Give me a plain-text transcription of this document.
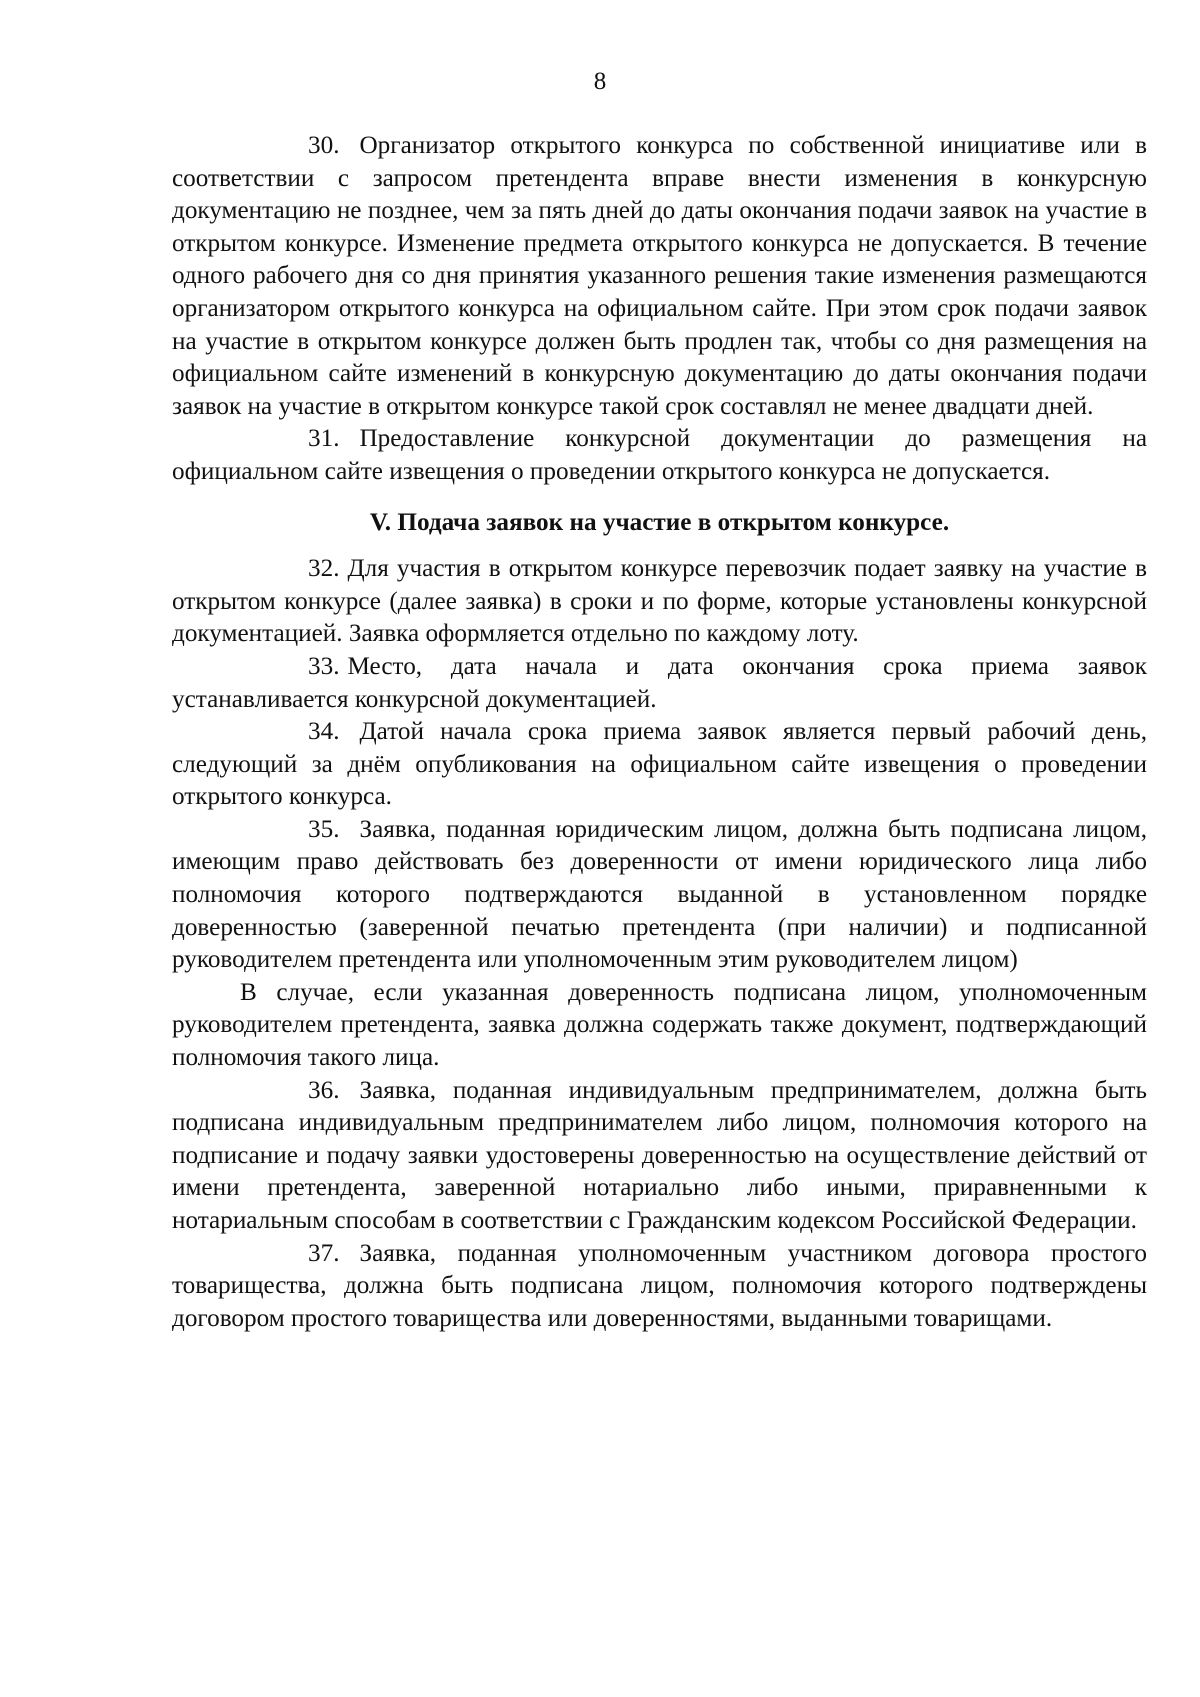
8

30. Организатор открытого конкурса по собственной инициативе или в соответствии с запросом претендента вправе внести изменения в конкурсную документацию не позднее, чем за пять дней до даты окончания подачи заявок на участие в открытом конкурсе. Изменение предмета открытого конкурса не допускается. В течение одного рабочего дня со дня принятия указанного решения такие изменения размещаются организатором открытого конкурса на официальном сайте. При этом срок подачи заявок на участие в открытом конкурсе должен быть продлен так, чтобы со дня размещения на официальном сайте изменений в конкурсную документацию до даты окончания подачи заявок на участие в открытом конкурсе такой срок составлял не менее двадцати дней.

31. Предоставление конкурсной документации до размещения на официальном сайте извещения о проведении открытого конкурса не допускается.

V. Подача заявок на участие в открытом конкурсе.

32. Для участия в открытом конкурсе перевозчик подает заявку на участие в открытом конкурсе (далее заявка) в сроки и по форме, которые установлены конкурсной документацией. Заявка оформляется отдельно по каждому лоту.

33. Место, дата начала и дата окончания срока приема заявок устанавливается конкурсной документацией.

34. Датой начала срока приема заявок является первый рабочий день, следующий за днём опубликования на официальном сайте извещения о проведении открытого конкурса.

35. Заявка, поданная юридическим лицом, должна быть подписана лицом, имеющим право действовать без доверенности от имени юридического лица либо полномочия которого подтверждаются выданной в установленном порядке доверенностью (заверенной печатью претендента (при наличии) и подписанной руководителем претендента или уполномоченным этим руководителем лицом)

В случае, если указанная доверенность подписана лицом, уполномоченным руководителем претендента, заявка должна содержать также документ, подтверждающий полномочия такого лица.

36. Заявка, поданная индивидуальным предпринимателем, должна быть подписана индивидуальным предпринимателем либо лицом, полномочия которого на подписание и подачу заявки удостоверены доверенностью на осуществление действий от имени претендента, заверенной нотариально либо иными, приравненными к нотариальным способам в соответствии с Гражданским кодексом Российской Федерации.

37. Заявка, поданная уполномоченным участником договора простого товарищества, должна быть подписана лицом, полномочия которого подтверждены договором простого товарищества или доверенностями, выданными товарищами.
